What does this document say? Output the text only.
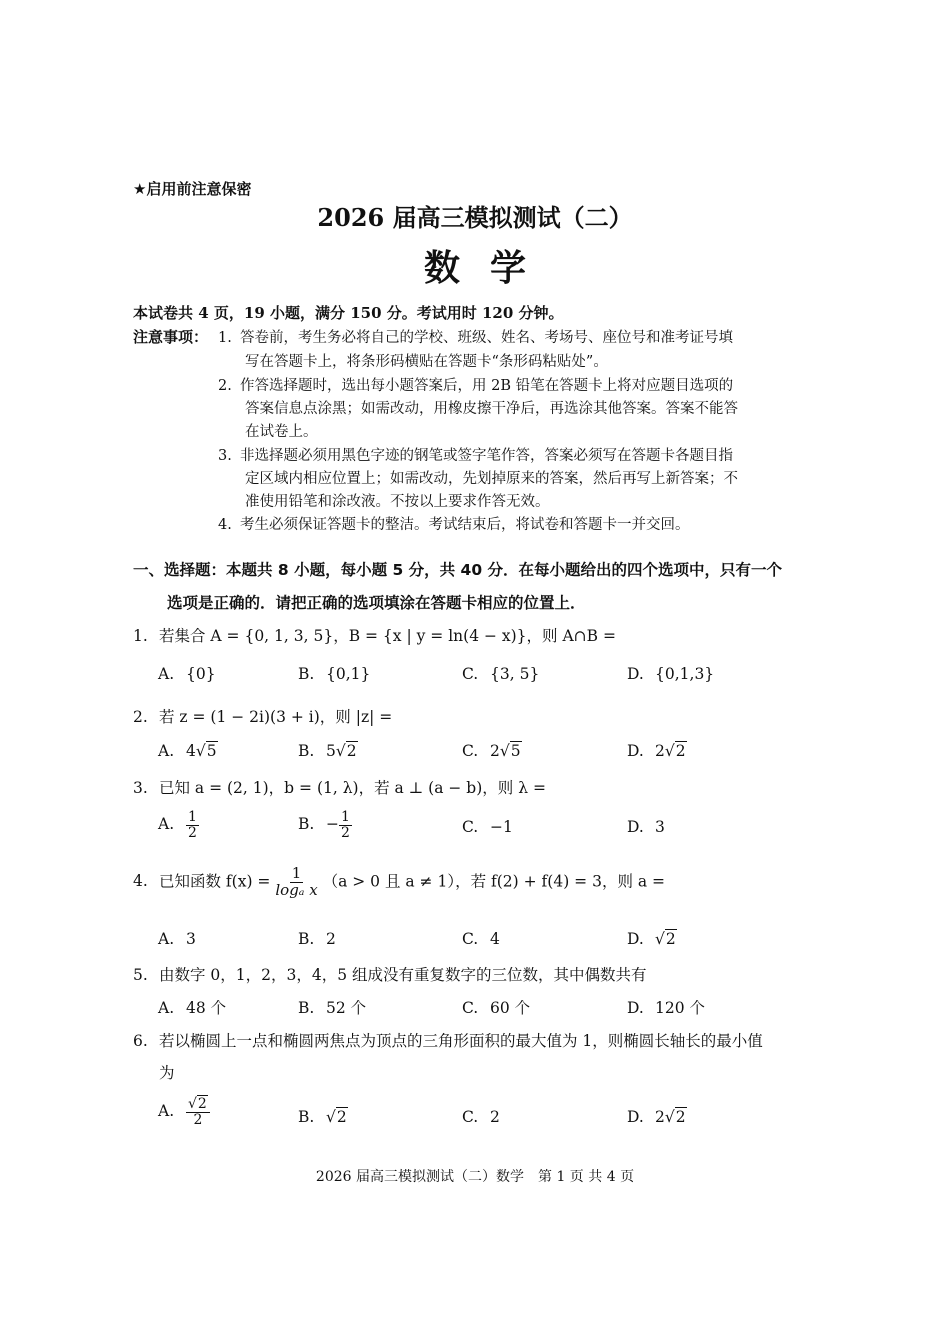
★启用前注意保密
2026 届高三模拟测试（二）
数学
本试卷共 4 页，19 小题，满分 150 分。考试用时 120 分钟。
注意事项： 1. 答卷前，考生务必将自己的学校、班级、姓名、考场号、座位号和准考证号填
写在答题卡上，将条形码横贴在答题卡“条形码粘贴处”。
2. 作答选择题时，选出每小题答案后，用 2B 铅笔在答题卡上将对应题目选项的
答案信息点涂黑；如需改动，用橡皮擦干净后，再选涂其他答案。答案不能答
在试卷上。
3. 非选择题必须用黑色字迹的钢笔或签字笔作答，答案必须写在答题卡各题目指
定区域内相应位置上；如需改动，先划掉原来的答案，然后再写上新答案；不
准使用铅笔和涂改液。不按以上要求作答无效。
4. 考生必须保证答题卡的整洁。考试结束后，将试卷和答题卡一并交回。
一、选择题：本题共 8 小题，每小题 5 分，共 40 分．在每小题给出的四个选项中，只有一个
选项是正确的．请把正确的选项填涂在答题卡相应的位置上．
1. 若集合 A = {0, 1, 3, 5}，B = {x | y = ln(4 − x)}，则 A∩B =
A. {0}	B. {0,1}	C. {3, 5}	D. {0,1,3}
2. 若 z = (1 − 2i)(3 + i)，则 |z| =
A. 4√5	B. 5√2	C. 2√5	D. 2√2
3. 已知 a = (2, 1)，b = (1, λ)，若 a ⊥ (a − b)，则 λ =
A. $\frac{1}{2}$	B. − $\frac{1}{2}$	C. −1	D. 3
4. 已知函数 $f(x) = \frac{1}{\text{logₐ x}} (a > 0$ 且 a ≠ 1），若 f(2) + f(4) = 3，则 a =
A. 3	B. 2	C. 4	D. √2
5. 由数字 0，1，2，3，4，5 组成没有重复数字的三位数，其中偶数共有
A. 48 个	B. 52 个	C. 60 个	D. 120 个
6. 若以椭圆上一点和椭圆两焦点为顶点的三角形面积的最大值为 1，则椭圆长轴长的最小值
为
A. $\frac{√2}{2}$	B. √2	C. 2	D. 2√2
2026 届高三模拟测试（二）数学　第 1 页 共 4 页
